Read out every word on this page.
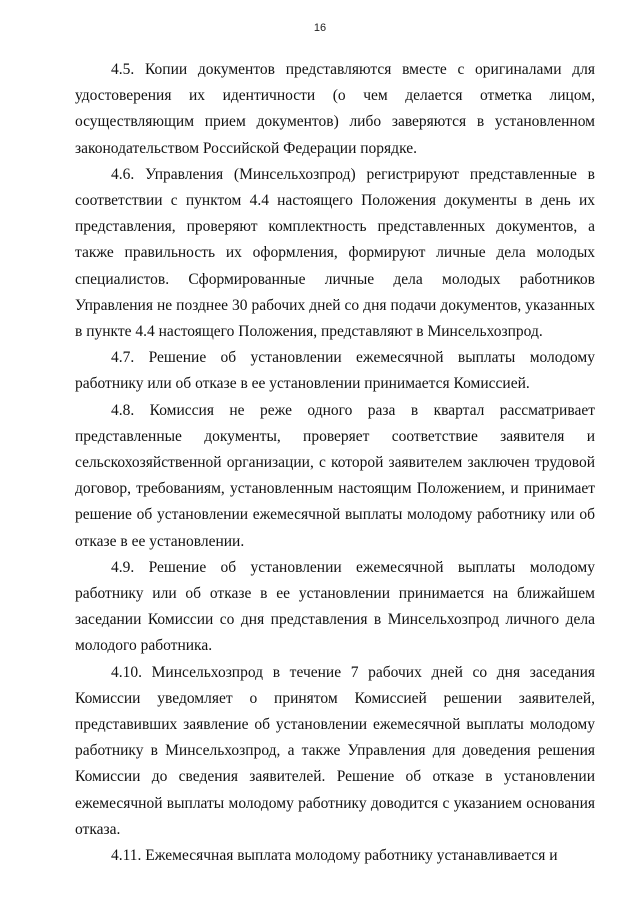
16

4.5. Копии документов представляются вместе с оригиналами для удостоверения их идентичности (о чем делается отметка лицом, осуществляющим прием документов) либо заверяются в установленном законодательством Российской Федерации порядке.

4.6. Управления (Минсельхозпрод) регистрируют представленные в соответствии с пунктом 4.4 настоящего Положения документы в день их представления, проверяют комплектность представленных документов, а также правильность их оформления, формируют личные дела молодых специалистов. Сформированные личные дела молодых работников Управления не позднее 30 рабочих дней со дня подачи документов, указанных в пункте 4.4 настоящего Положения, представляют в Минсельхозпрод.

4.7. Решение об установлении ежемесячной выплаты молодому работнику или об отказе в ее установлении принимается Комиссией.

4.8. Комиссия не реже одного раза в квартал рассматривает представленные документы, проверяет соответствие заявителя и сельскохозяйственной организации, с которой заявителем заключен трудовой договор, требованиям, установленным настоящим Положением, и принимает решение об установлении ежемесячной выплаты молодому работнику или об отказе в ее установлении.

4.9. Решение об установлении ежемесячной выплаты молодому работнику или об отказе в ее установлении принимается на ближайшем заседании Комиссии со дня представления в Минсельхозпрод личного дела молодого работника.

4.10. Минсельхозпрод в течение 7 рабочих дней со дня заседания Комиссии уведомляет о принятом Комиссией решении заявителей, представивших заявление об установлении ежемесячной выплаты молодому работнику в Минсельхозпрод, а также Управления для доведения решения Комиссии до сведения заявителей. Решение об отказе в установлении ежемесячной выплаты молодому работнику доводится с указанием основания отказа.

4.11. Ежемесячная выплата молодому работнику устанавливается и
